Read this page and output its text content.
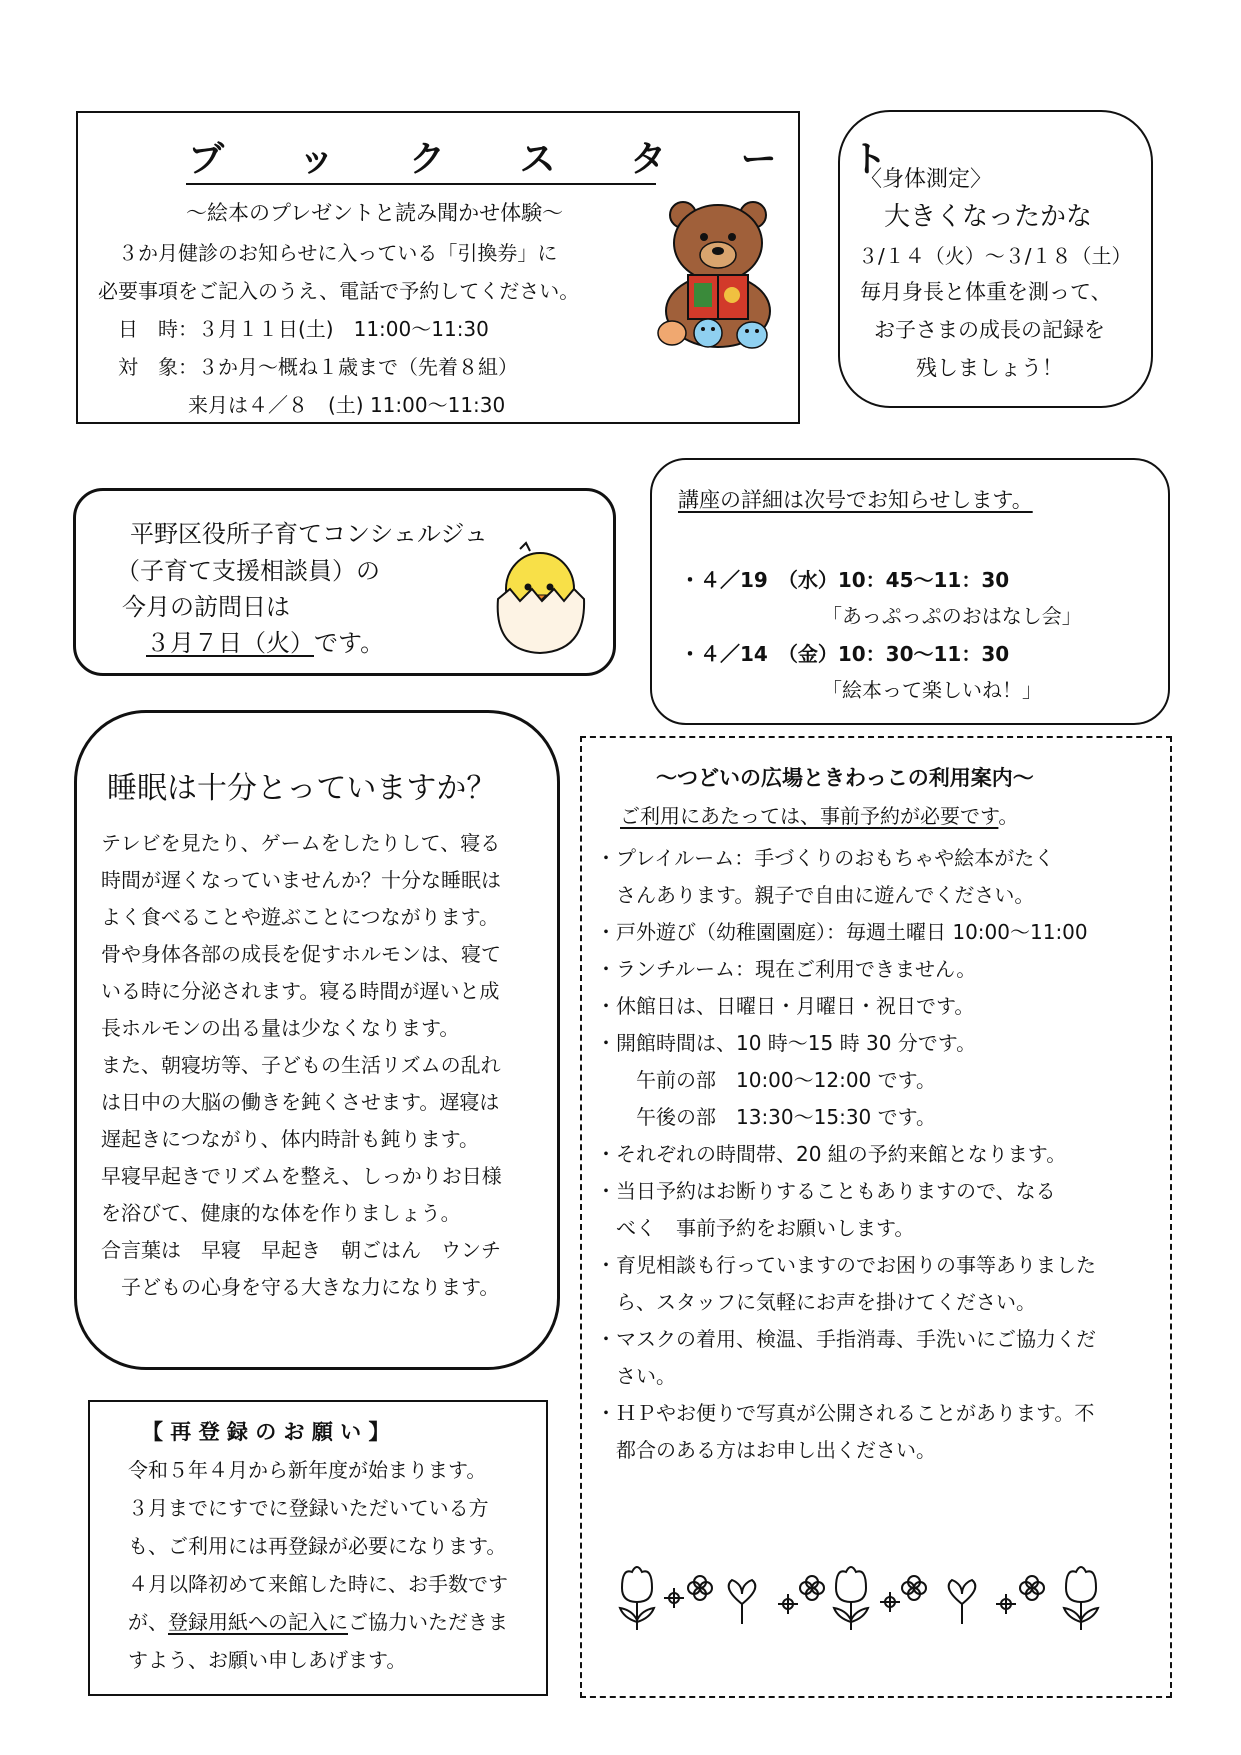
ブ ッ ク ス タ ー ト
～絵本のプレゼントと読み聞かせ体験～
３か月健診のお知らせに入っている「引換券」に
必要事項をご記入のうえ、電話で予約してください。
日　時：３月１１日(土)　11:00～11:30
対　象：３か月～概ね１歳まで（先着８組）
来月は４／８　(土) 11:00～11:30
〈身体測定〉
大きくなったかな
３/１４（火）～３/１８（土）
毎月身長と体重を測って、
お子さまの成長の記録を
残しましょう！
平野区役所子育てコンシェルジュ
（子育て支援相談員）の
今月の訪問日は
３月７日（火）です。
講座の詳細は次号でお知らせします。
・４／19　（水）10：45～11：30
「あっぷっぷのおはなし会」
・４／14　（金）10：30～11：30
「絵本って楽しいね！」
睡眠は十分とっていますか？
テレビを見たり、ゲームをしたりして、寝る
時間が遅くなっていませんか？十分な睡眠は
よく食べることや遊ぶことにつながります。
骨や身体各部の成長を促すホルモンは、寝て
いる時に分泌されます。寝る時間が遅いと成
長ホルモンの出る量は少なくなります。
また、朝寝坊等、子どもの生活リズムの乱れ
は日中の大脳の働きを鈍くさせます。遅寝は
遅起きにつながり、体内時計も鈍ります。
早寝早起きでリズムを整え、しっかりお日様
を浴びて、健康的な体を作りましょう。
合言葉は　早寝　早起き　朝ごはん　ウンチ
　子どもの心身を守る大きな力になります。
【 再 登 録 の お 願 い 】
令和５年４月から新年度が始まります。
３月までにすでに登録いただいている方
も、ご利用には再登録が必要になります。
４月以降初めて来館した時に、お手数です
が、登録用紙への記入にご協力いただきま
すよう、お願い申しあげます。
～つどいの広場ときわっこの利用案内～
ご利用にあたっては、事前予約が必要です。
・プレイルーム：手づくりのおもちゃや絵本がたく
　さんあります。親子で自由に遊んでください。
・戸外遊び（幼稚園園庭）：毎週土曜日 10:00～11:00
・ランチルーム：現在ご利用できません。
・休館日は、日曜日・月曜日・祝日です。
・開館時間は、10 時～15 時 30 分です。
　　午前の部　10:00～12:00 です。
　　午後の部　13:30～15:30 です。
・それぞれの時間帯、20 組の予約来館となります。
・当日予約はお断りすることもありますので、なる
　べく　事前予約をお願いします。
・育児相談も行っていますのでお困りの事等ありました
　ら、スタッフに気軽にお声を掛けてください。
・マスクの着用、検温、手指消毒、手洗いにご協力くだ
　さい。
・ＨＰやお便りで写真が公開されることがあります。不
　都合のある方はお申し出ください。
